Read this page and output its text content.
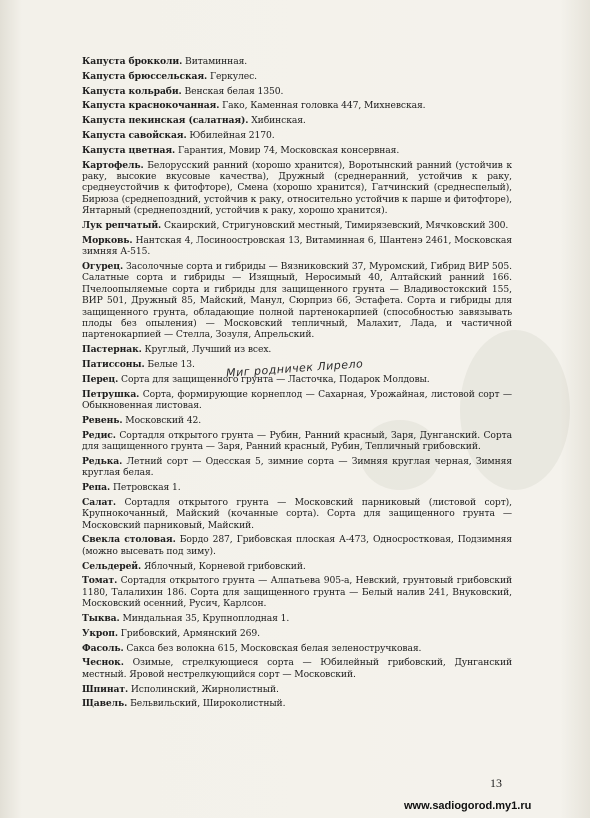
Капуста брокколи. Витаминная.
Капуста брюссельская. Геркулес.
Капуста кольраби. Венская белая 1350.
Капуста краснокочанная. Гако, Каменная головка 447, Михневская.
Капуста пекинская (салатная). Хибинская.
Капуста савойская. Юбилейная 2170.
Капуста цветная. Гарантия, Мовир 74, Московская консервная.
Картофель. Белорусский ранний (хорошо хранится), Воротынский ранний (устойчив к раку, высокие вкусовые качества), Дружный (среднеранний, устойчив к раку, среднеустойчив к фитофторе), Смена (хорошо хранится), Гатчинский (среднеспелый), Бирюза (среднепоздний, устойчив к раку, относительно устойчив к парше и фитофторе), Янтарный (среднепоздний, устойчив к раку, хорошо хранится).
Лук репчатый. Скаирский, Стригуновский местный, Тимирязевский, Мячковский 300.
Морковь. Нантская 4, Лосиноостровская 13, Витаминная 6, Шантенэ 2461, Московская зимняя А-515.
Огурец. Засолочные сорта и гибриды — Вязниковский 37, Муромский, Гибрид ВИР 505. Салатные сорта и гибриды — Изящный, Неросимый 40, Алтайский ранний 166. Пчелоопыляемые сорта и гибриды для защищенного грунта — Владивостокский 155, ВИР 501, Дружный 85, Майский, Манул, Сюрприз 66, Эстафета. Сорта и гибриды для защищенного грунта, обладающие полной партенокарпией (способностью завязывать плоды без опыления) — Московский тепличный, Малахит, Лада, и частичной партенокарпией — Стелла, Зозуля, Апрельский.
Пастернак. Круглый, Лучший из всех.
Патиссоны. Белые 13.
Перец. Сорта для защищенного грунта — Ласточка, Подарок Молдовы.
Петрушка. Сорта, формирующие корнеплод — Сахарная, Урожайная, листовой сорт — Обыкновенная листовая.
Ревень. Московский 42.
Редис. Сортадля открытого грунта — Рубин, Ранний красный, Заря, Дунганский. Сорта для защищенного грунта — Заря, Ранний красный, Рубин, Тепличный грибовский.
Редька. Летний сорт — Одесская 5, зимние сорта — Зимняя круглая черная, Зимняя круглая белая.
Репа. Петровская 1.
Салат. Сортадля открытого грунта — Московский парниковый (листовой сорт), Крупнокочанный, Майский (кочанные сорта). Сорта для защищенного грунта — Московский парниковый, Майский.
Свекла столовая. Бордо 287, Грибовская плоская А-473, Односростковая, Подзимняя (можно высевать под зиму).
Сельдерей. Яблочный, Корневой грибовский.
Томат. Сортадля открытого грунта — Алпатьева 905-а, Невский, грунтовый грибовский 1180, Талалихин 186. Сорта для защищенного грунта — Белый налив 241, Внуковский, Московский осенний, Русич, Карлсон.
Тыква. Миндальная 35, Крупноплодная 1.
Укроп. Грибовский, Армянский 269.
Фасоль. Сакса без волокна 615, Московская белая зеленостручковая.
Чеснок. Озимые, стрелкующиеся сорта — Юбилейный грибовский, Дунганский местный. Яровой нестрелкующийся сорт — Московский.
Шпинат. Исполинский, Жирнолистный.
Щавель. Бельвильский, Широколистный.
Миг родничек Лирело
13
www.sadiogorod.my1.ru
